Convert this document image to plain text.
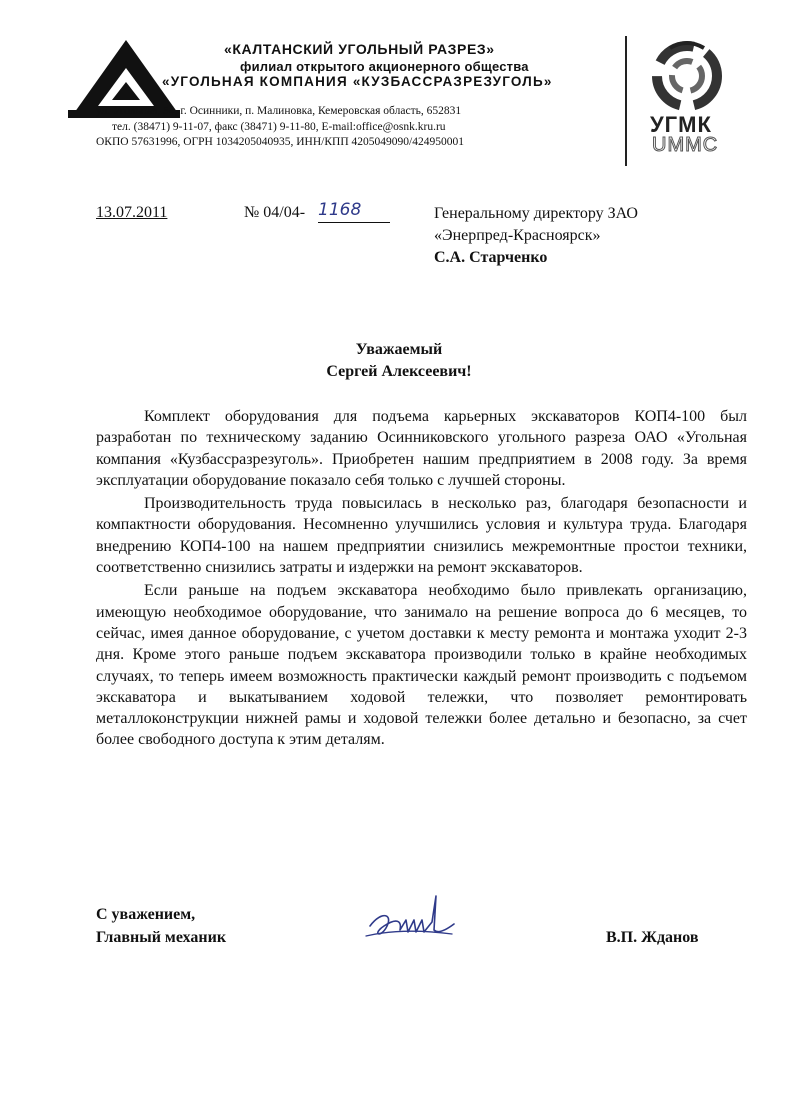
«КАЛТАНСКИЙ УГОЛЬНЫЙ РАЗРЕЗ»
филиал открытого акционерного общества
«УГОЛЬНАЯ КОМПАНИЯ «КУЗБАССРАЗРЕЗУГОЛЬ»
ул. Угольная, 54, г. Осинники, п. Малиновка, Кемеровская область, 652831
тел. (38471) 9-11-07, факс (38471) 9-11-80, E-mail:office@osnk.kru.ru
ОКПО 57631996, ОГРН 1034205040935, ИНН/КПП 4205049090/424950001
УГМК
UMMC
13.07.2011	№ 04/04- 1168	Генеральному директору ЗАО
«Энерпред-Красноярск»
С.А. Старченко
Уважаемый
Сергей Алексеевич!

Комплект оборудования для подъема карьерных экскаваторов КОП4-100 был разработан по техническому заданию Осинниковского угольного разреза ОАО «Угольная компания «Кузбассразрезуголь». Приобретен нашим предприятием в 2008 году. За время эксплуатации оборудование показало себя только с лучшей стороны.

Производительность труда повысилась в несколько раз, благодаря безопасности и компактности оборудования. Несомненно улучшились условия и культура труда. Благодаря внедрению КОП4-100 на нашем предприятии снизились межремонтные простои техники, соответственно снизились затраты и издержки на ремонт экскаваторов.

Если раньше на подъем экскаватора необходимо было привлекать организацию, имеющую необходимое оборудование, что занимало на решение вопроса до 6 месяцев, то сейчас, имея данное оборудование, с учетом доставки к месту ремонта и монтажа уходит 2-3 дня. Кроме этого раньше подъем экскаватора производили только в крайне необходимых случаях, то теперь имеем возможность практически каждый ремонт производить с подъемом экскаватора и выкатыванием ходовой тележки, что позволяет ремонтировать металлоконструкции нижней рамы и ходовой тележки более детально и безопасно, за счет более свободного доступа к этим деталям.

С уважением,
Главный механик	В.П. Жданов
